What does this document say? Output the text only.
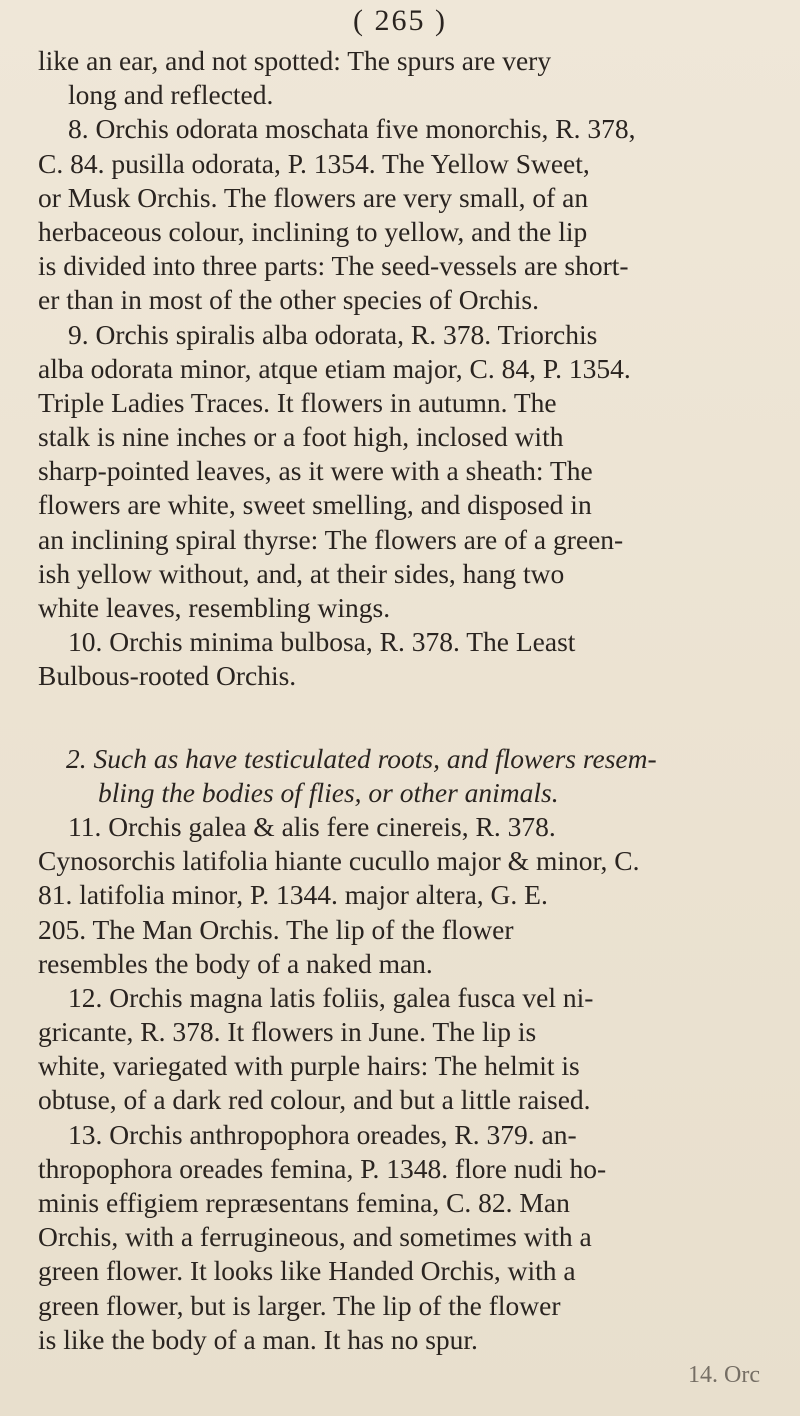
( 265 )
like an ear, and not spotted: The spurs are very
long and reflected.
8. Orchis odorata moschata five monorchis, R. 378,
C. 84. pusilla odorata, P. 1354. The Yellow Sweet,
or Musk Orchis. The flowers are very small, of an
herbaceous colour, inclining to yellow, and the lip
is divided into three parts: The seed-vessels are short-
er than in most of the other species of Orchis.
9. Orchis spiralis alba odorata, R. 378. Triorchis
alba odorata minor, atque etiam major, C. 84, P. 1354.
Triple Ladies Traces. It flowers in autumn. The
stalk is nine inches or a foot high, inclosed with
sharp-pointed leaves, as it were with a sheath: The
flowers are white, sweet smelling, and disposed in
an inclining spiral thyrse: The flowers are of a green-
ish yellow without, and, at their sides, hang two
white leaves, resembling wings.
10. Orchis minima bulbosa, R. 378. The Least
Bulbous-rooted Orchis.
2. Such as have testiculated roots, and flowers resem-
bling the bodies of flies, or other animals.
11. Orchis galea & alis fere cinereis, R. 378.
Cynosorchis latifolia hiante cucullo major & minor, C.
81. latifolia minor, P. 1344. major altera, G. E.
205. The Man Orchis. The lip of the flower
resembles the body of a naked man.
12. Orchis magna latis foliis, galea fusca vel ni-
gricante, R. 378. It flowers in June. The lip is
white, variegated with purple hairs: The helmit is
obtuse, of a dark red colour, and but a little raised.
13. Orchis anthropophora oreades, R. 379. an-
thropophora oreades femina, P. 1348. flore nudi ho-
minis effigiem repræsentans femina, C. 82. Man
Orchis, with a ferrugineous, and sometimes with a
green flower. It looks like Handed Orchis, with a
green flower, but is larger. The lip of the flower
is like the body of a man. It has no spur.
14. Orc
